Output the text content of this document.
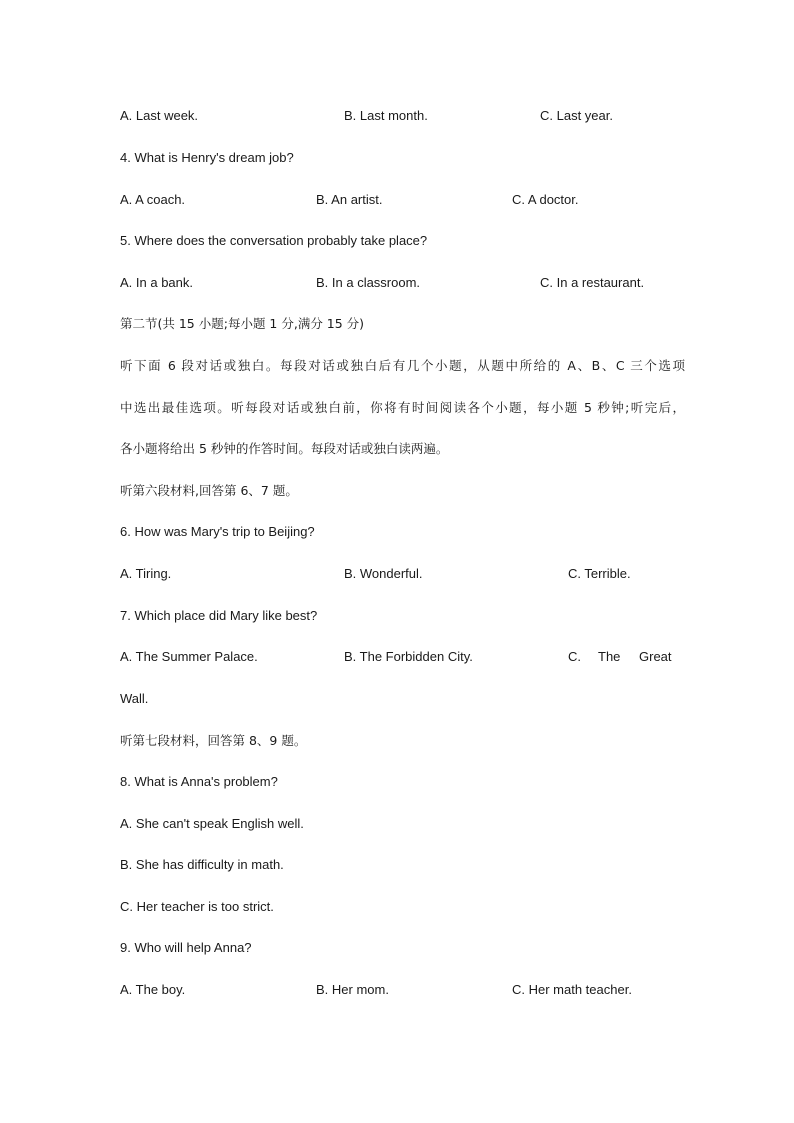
A. Last week.	B. Last month.	C. Last year.
4. What is Henry's dream job?
A. A coach.	B. An artist.	C. A doctor.
5. Where does the conversation probably take place?
A. In a bank.	B. In a classroom.	C. In a restaurant.
第二节(共 15 小题;每小题 1 分,满分 15 分)
听下面 6 段对话或独白。每段对话或独白后有几个小题，从题中所给的 A、B、C 三个选项
中选出最佳选项。听每段对话或独白前，你将有时间阅读各个小题，每小题 5 秒钟;听完后，
各小题将给出 5 秒钟的作答时间。每段对话或独白读两遍。
听第六段材料,回答第 6、7 题。
6. How was Mary's trip to Beijing?
A. Tiring.	B. Wonderful.	C. Terrible.
7. Which place did Mary like best?
A. The Summer Palace.	B. The Forbidden City.	C. The Great
Wall.
听第七段材料，回答第 8、9 题。
8. What is Anna's problem?
A. She can't speak English well.
B. She has difficulty in math.
C. Her teacher is too strict.
9. Who will help Anna?
A. The boy.	B. Her mom.	C. Her math teacher.
